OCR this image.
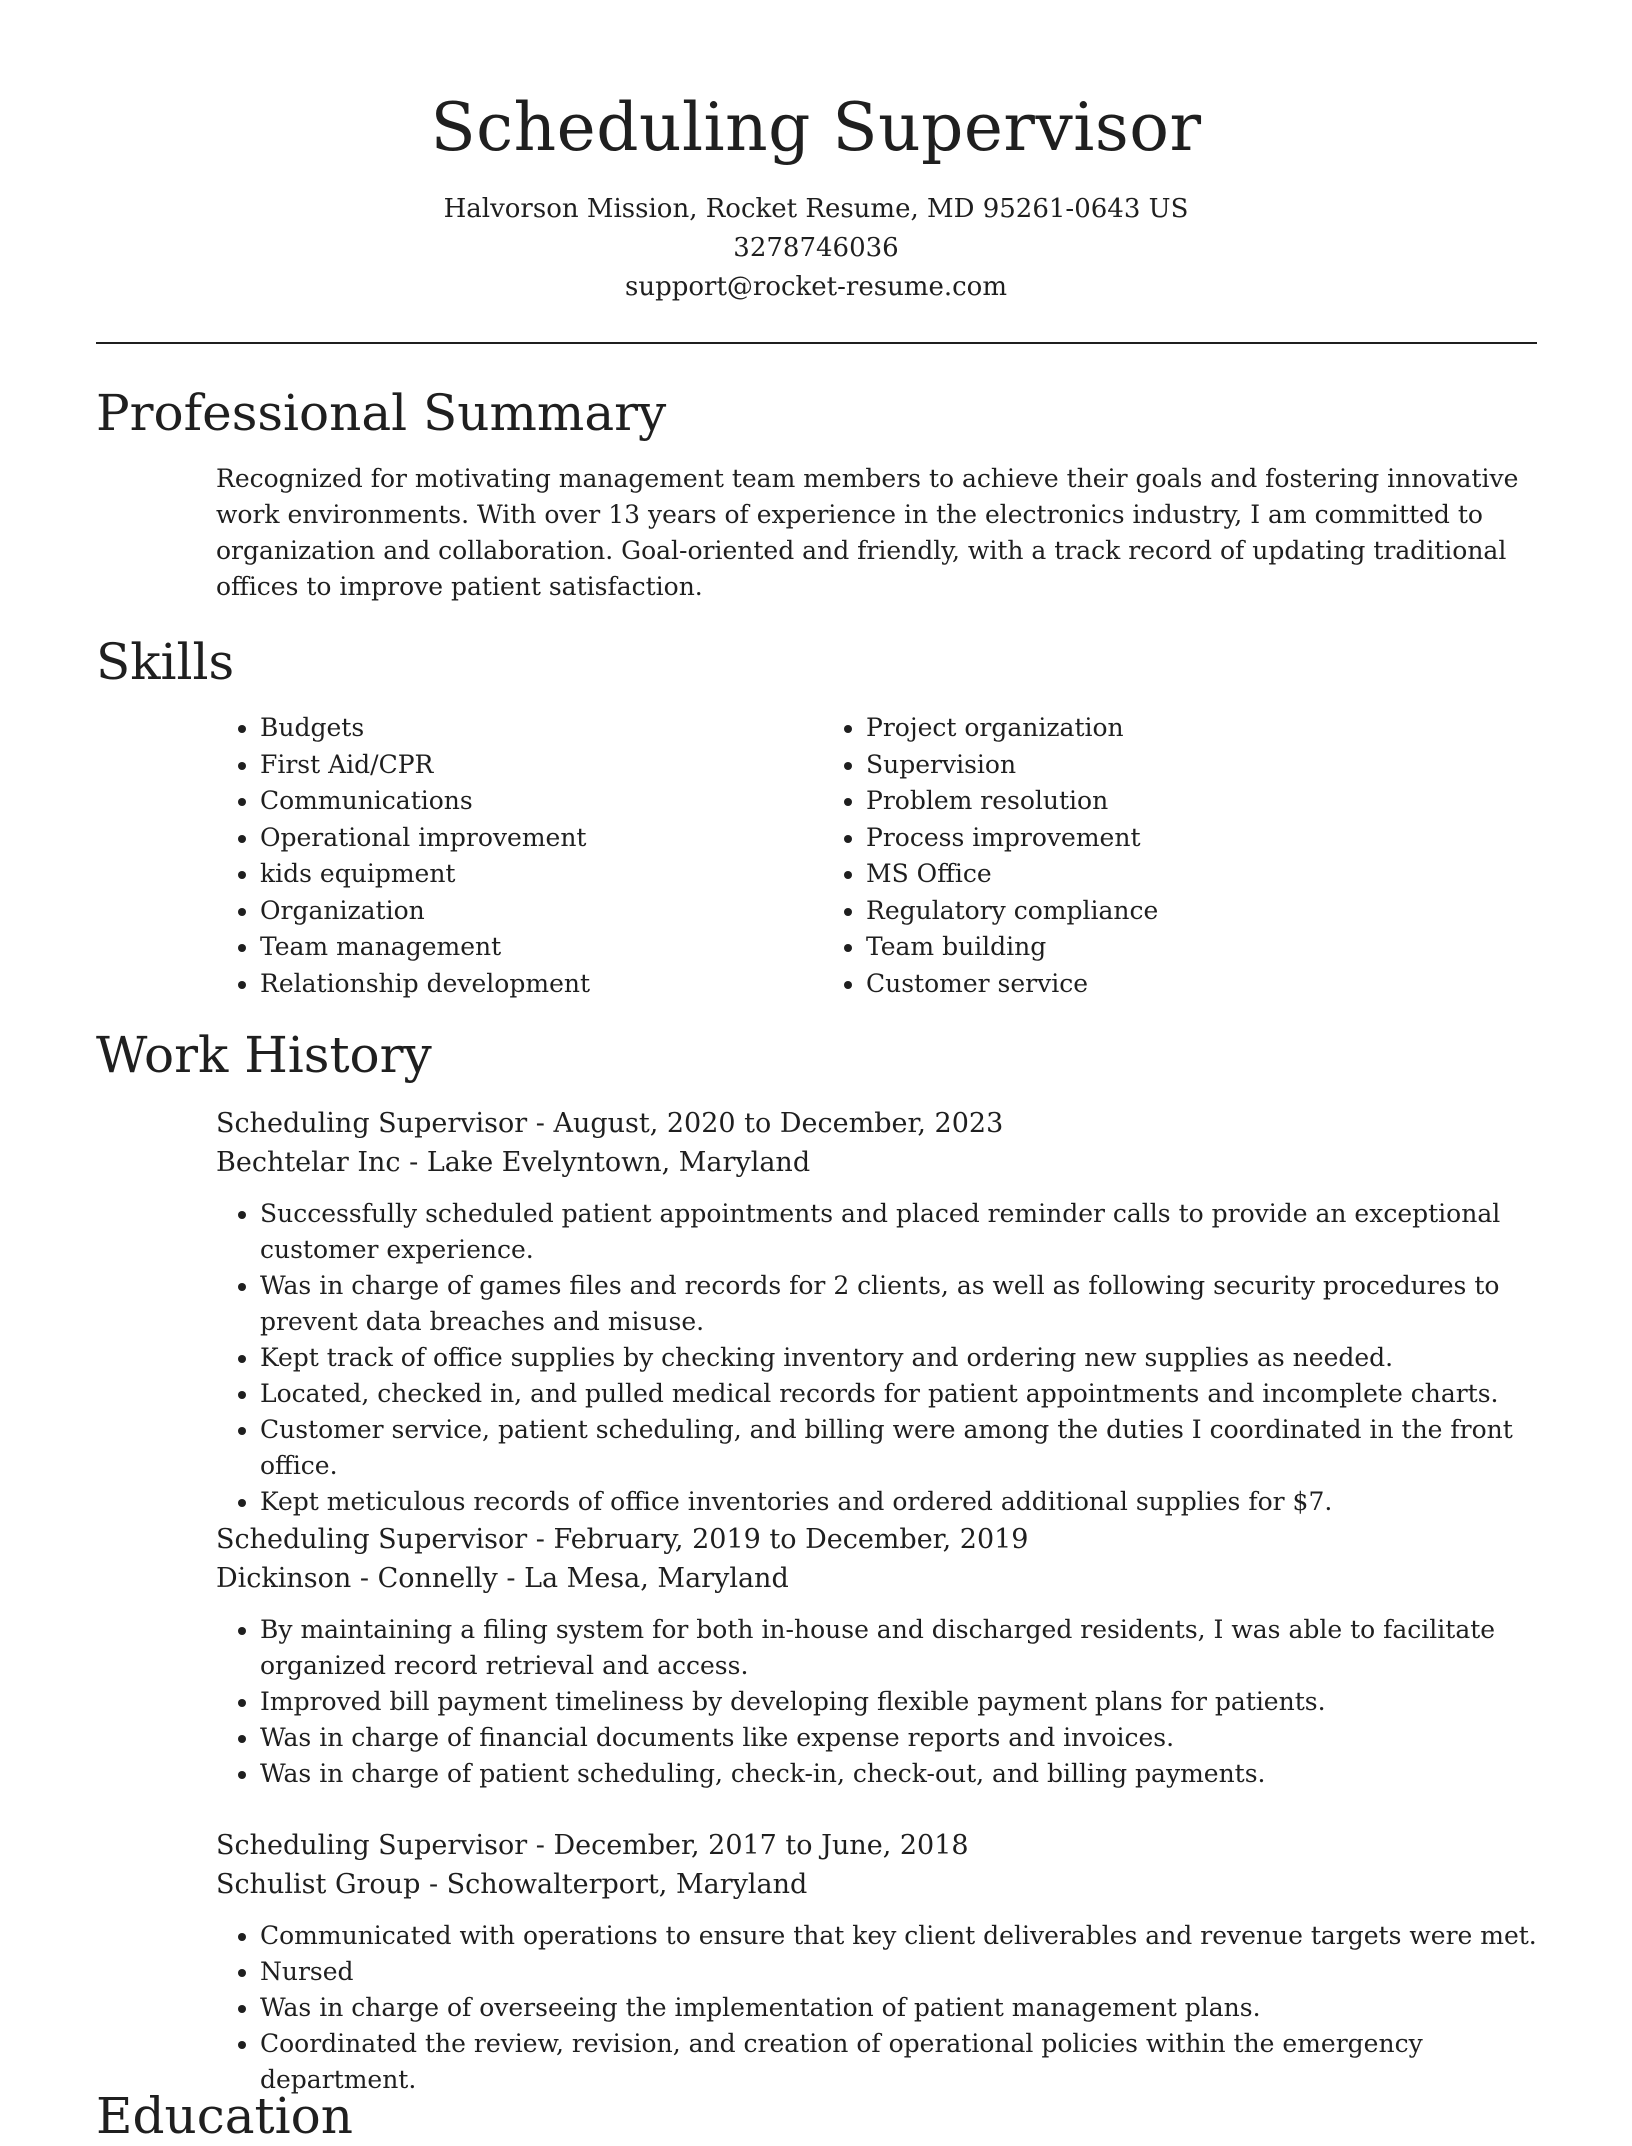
Scheduling Supervisor
Halvorson Mission, Rocket Resume, MD 95261-0643 US
3278746036
support@rocket-resume.com
Professional Summary

Recognized for motivating management team members to achieve their goals and fostering innovative work environments. With over 13 years of experience in the electronics industry, I am committed to organization and collaboration. Goal-oriented and friendly, with a track record of updating traditional offices to improve patient satisfaction.

Skills
• Budgets
• First Aid/CPR
• Communications
• Operational improvement
• kids equipment
• Organization
• Team management
• Relationship development
• Project organization
• Supervision
• Problem resolution
• Process improvement
• MS Office
• Regulatory compliance
• Team building
• Customer service
Work History
Scheduling Supervisor - August, 2020 to December, 2023
Bechtelar Inc - Lake Evelyntown, Maryland
• Successfully scheduled patient appointments and placed reminder calls to provide an exceptional customer experience.
• Was in charge of games files and records for 2 clients, as well as following security procedures to prevent data breaches and misuse.
• Kept track of office supplies by checking inventory and ordering new supplies as needed.
• Located, checked in, and pulled medical records for patient appointments and incomplete charts.
• Customer service, patient scheduling, and billing were among the duties I coordinated in the front office.
• Kept meticulous records of office inventories and ordered additional supplies for $7.
Scheduling Supervisor - February, 2019 to December, 2019
Dickinson - Connelly - La Mesa, Maryland
• By maintaining a filing system for both in-house and discharged residents, I was able to facilitate organized record retrieval and access.
• Improved bill payment timeliness by developing flexible payment plans for patients.
• Was in charge of financial documents like expense reports and invoices.
• Was in charge of patient scheduling, check-in, check-out, and billing payments.
Scheduling Supervisor - December, 2017 to June, 2018
Schulist Group - Schowalterport, Maryland
• Communicated with operations to ensure that key client deliverables and revenue targets were met.
• Nursed
• Was in charge of overseeing the implementation of patient management plans.
• Coordinated the review, revision, and creation of operational policies within the emergency department.
Education
